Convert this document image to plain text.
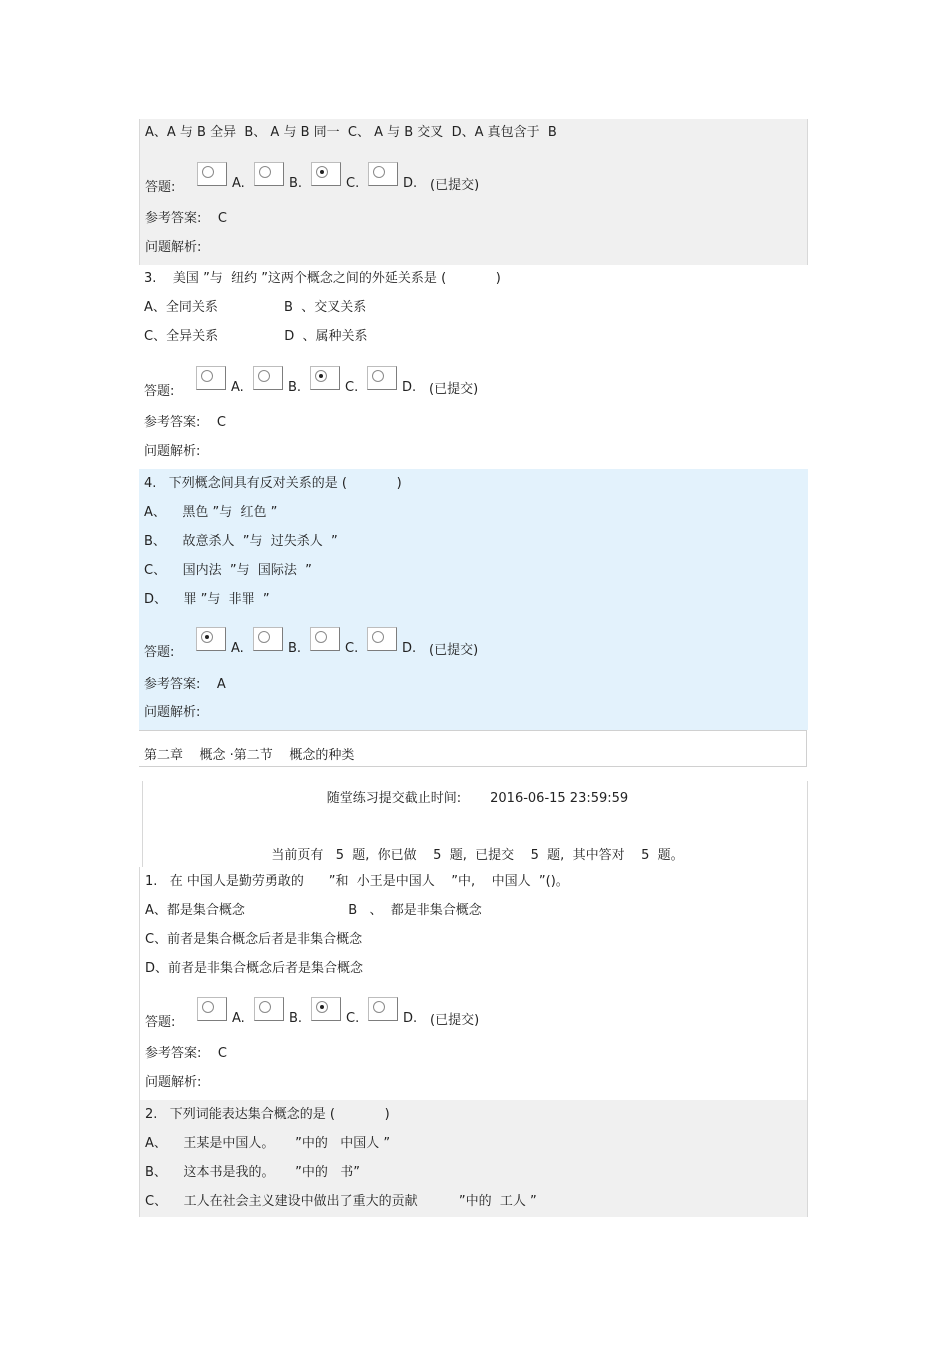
A、A 与 B 全异  B、 A 与 B 同一  C、 A 与 B 交叉  D、A 真包含于  B
答题:	A.	B.	C.	D. (已提交)
参考答案: C
问题解析:
3.    美国 ”与  纽约 ”这两个概念之间的外延关系是 (            )
A、全同关系                B  、交叉关系
C、全异关系                D  、属种关系
答题:	A.	B.	C.	D. (已提交)
参考答案: C
问题解析:
4.   下列概念间具有反对关系的是 (            )
A、    黑色 ”与  红色 ”
B、    故意杀人  ”与  过失杀人  ”
C、    国内法  ”与  国际法  ”
D、    罪 ”与  非罪  ”
答题:	A.	B.	C.	D. (已提交)
参考答案: A
问题解析:
第二章    概念 ·第二节    概念的种类
随堂练习提交截止时间: 2016-06-15 23:59:59
当前页有   5  题,  你已做    5  题,  已提交    5  题,  其中答对    5  题。
1.   在 中国人是勤劳勇敢的      ”和  小王是中国人    ”中,    中国人  ”()。
A、都是集合概念                         B   、  都是非集合概念
C、前者是集合概念后者是非集合概念
D、前者是非集合概念后者是集合概念
答题:	A.	B.	C.	D. (已提交)
参考答案: C
问题解析:
2.   下列词能表达集合概念的是 (            )
A、    王某是中国人。     ”中的   中国人 ”
B、    这本书是我的。     ”中的   书”
C、    工人在社会主义建设中做出了重大的贡献          ”中的  工人 ”
